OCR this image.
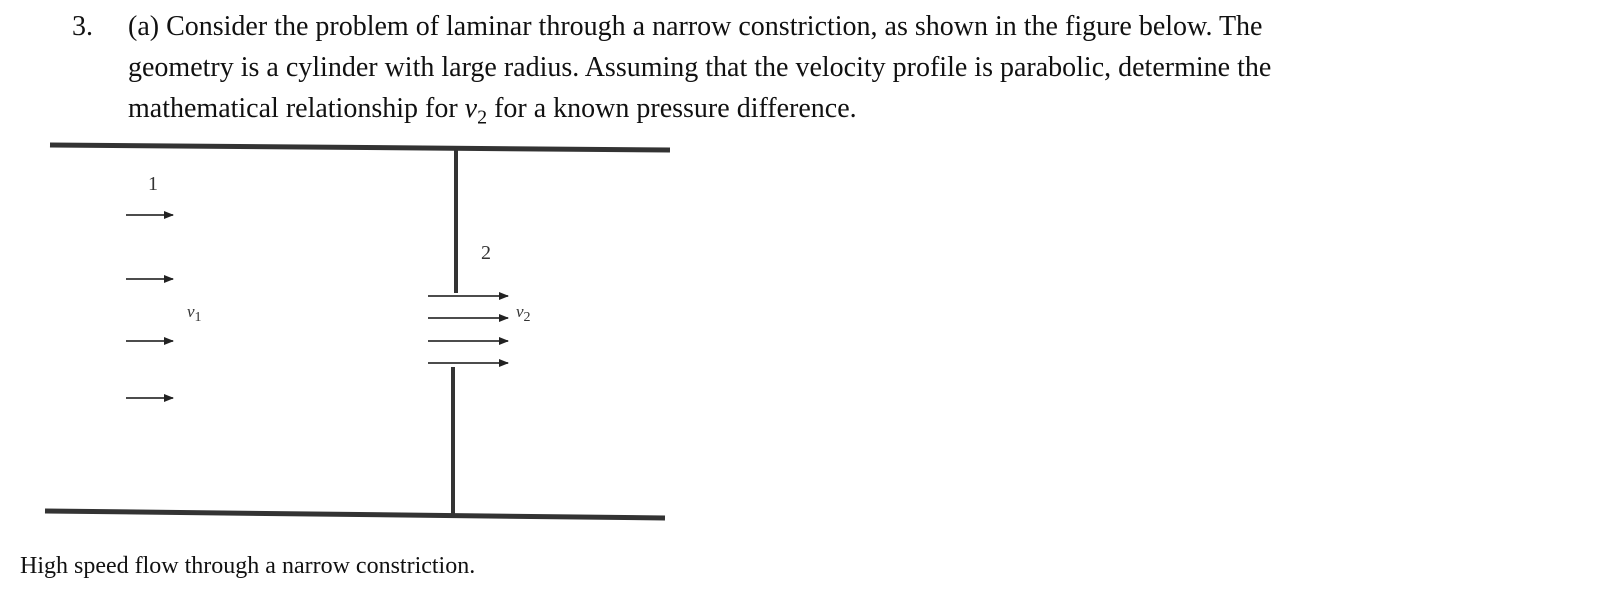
3. (a) Consider the problem of laminar through a narrow constriction, as shown in the figure below. The
geometry is a cylinder with large radius. Assuming that the velocity profile is parabolic, determine the
mathematical relationship for $v_2$ for a known pressure difference.
1
2
$v_1$	$v_2$
High speed flow through a narrow constriction.
